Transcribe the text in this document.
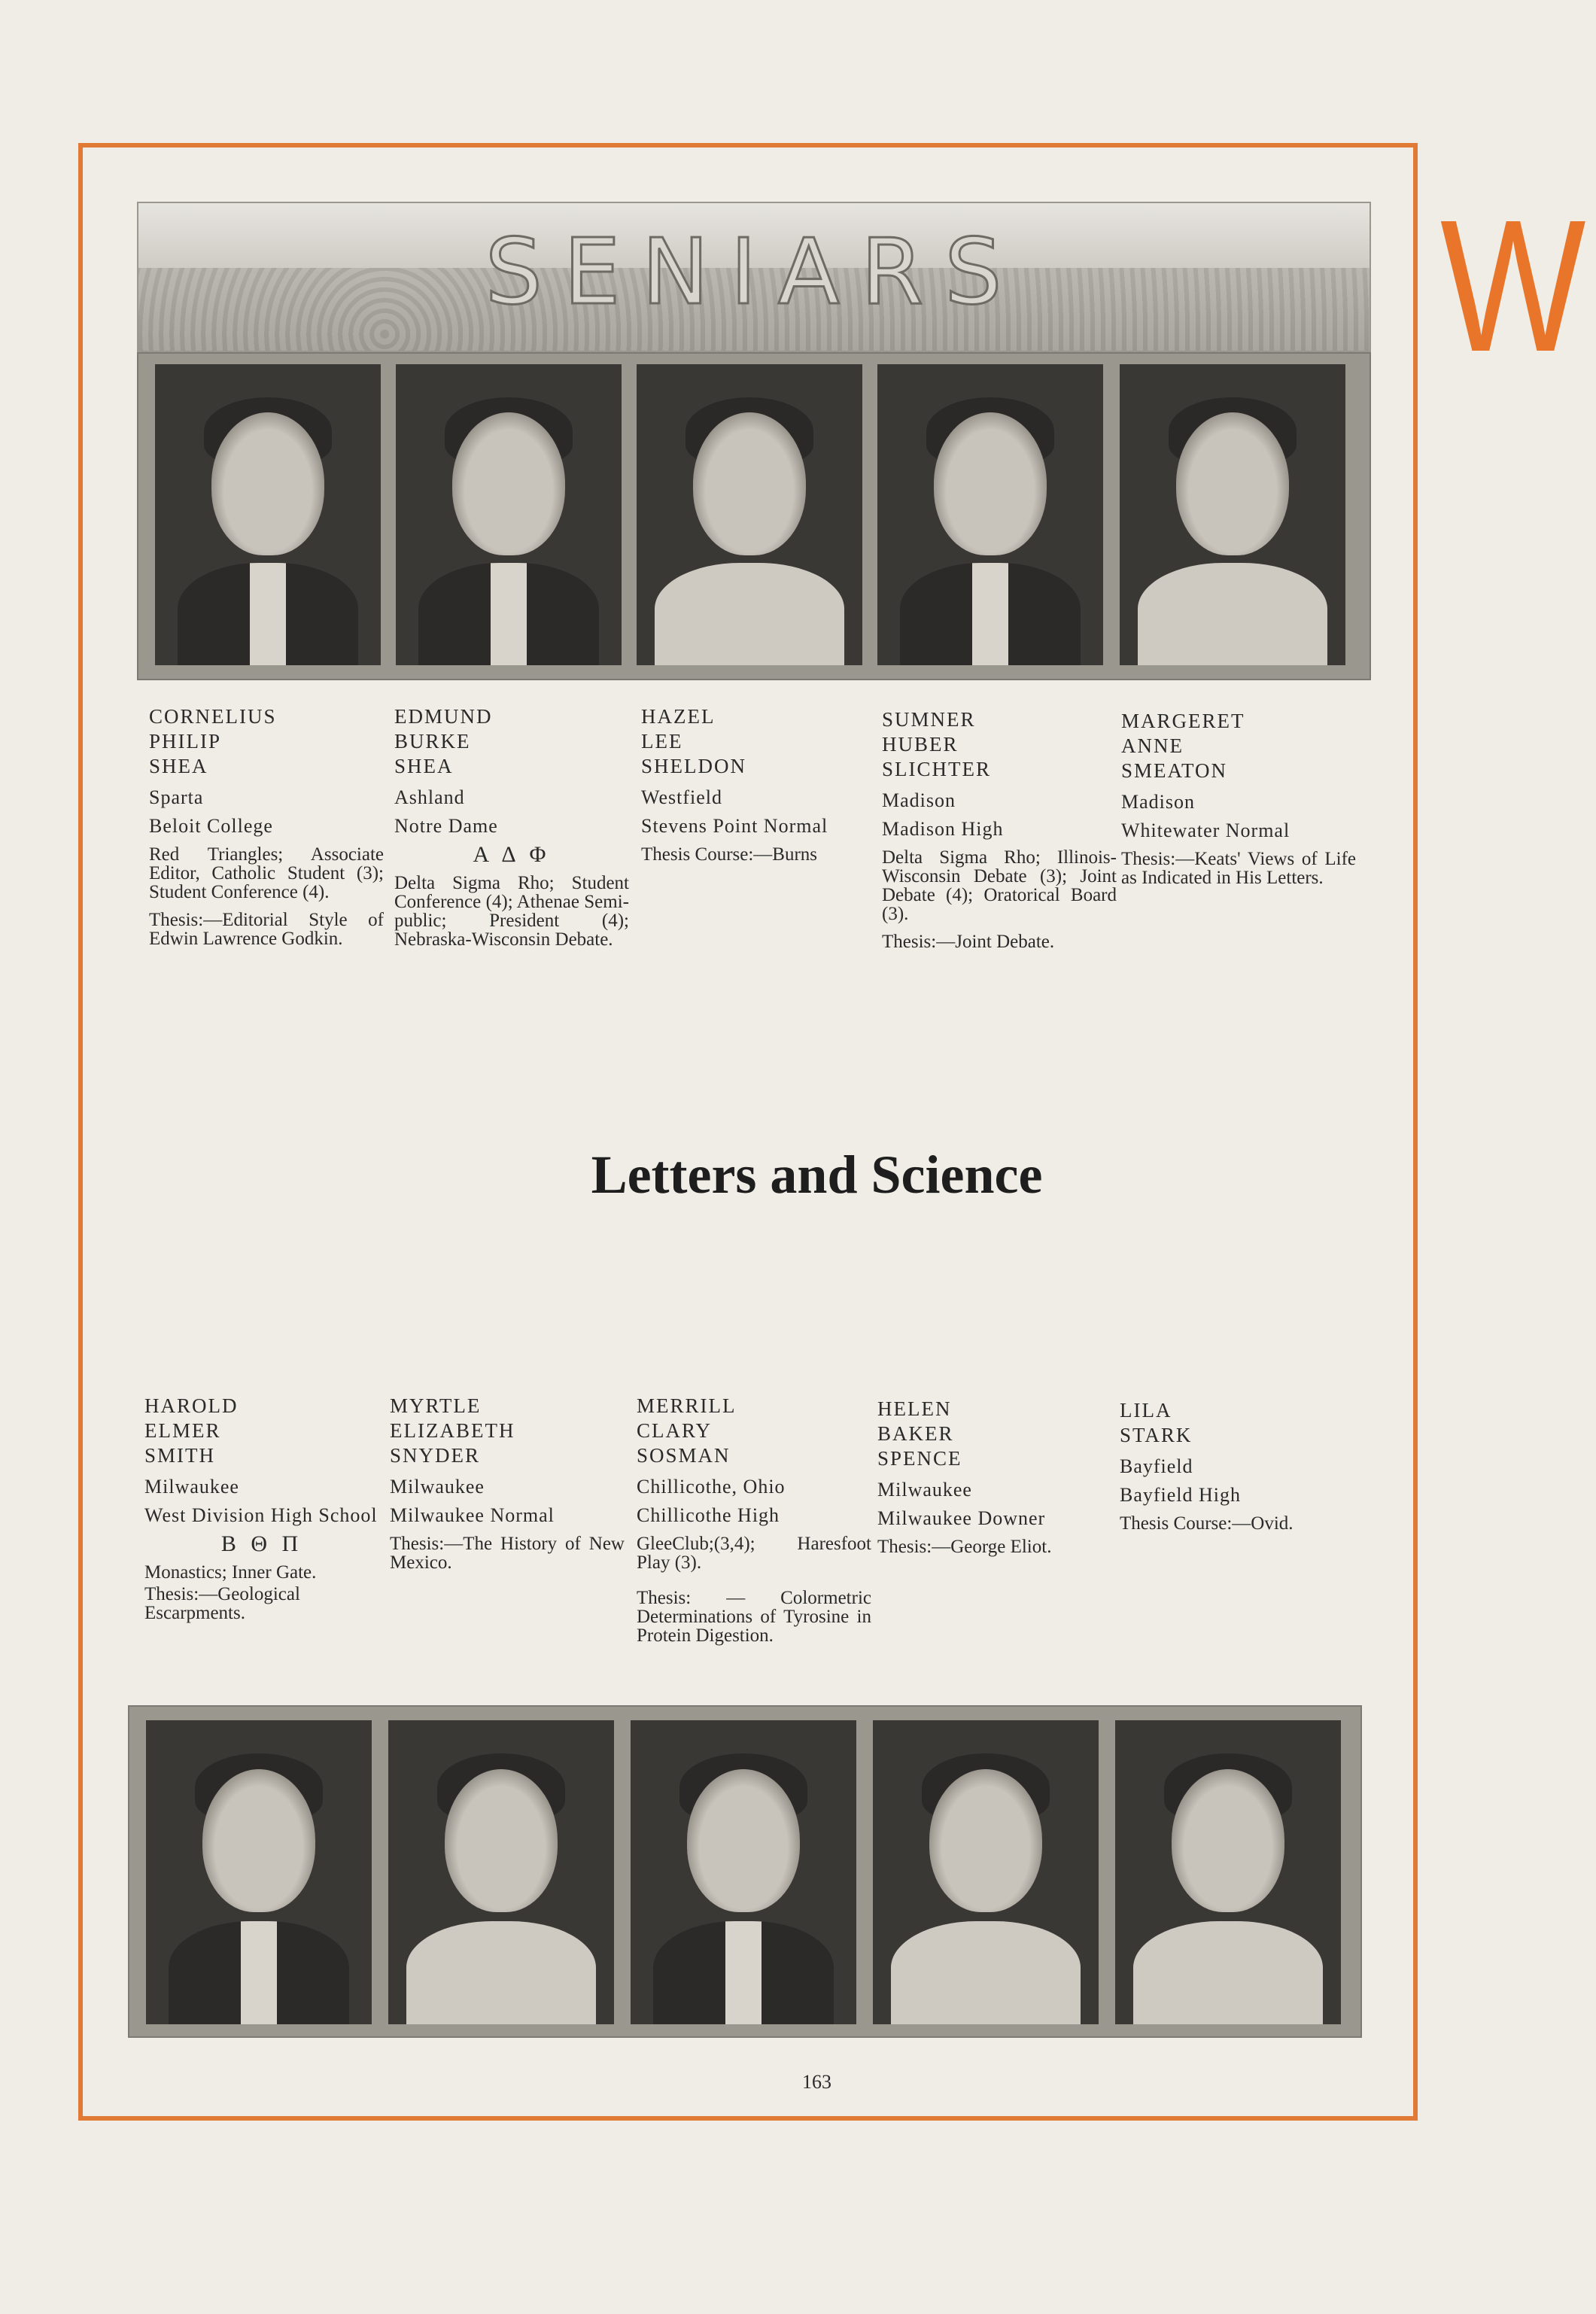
W
SENIARS

CORNELIUS

PHILIP

SHEA

Sparta
Beloit College
Red Triangles; Associate Editor, Catholic Student (3); Student Conference (4).
Thesis:—Editorial Style of Edwin Lawrence Godkin.

EDMUND

BURKE

SHEA

Ashland
Notre Dame
Α Δ Φ
Delta Sigma Rho; Student Conference (4); Athenae Semi-public; President (4); Nebraska-Wisconsin Debate.

HAZEL

LEE

SHELDON

Westfield
Stevens Point Normal
Thesis Course:—Burns

SUMNER

HUBER

SLICHTER

Madison
Madison High
Delta Sigma Rho; Illinois-Wisconsin Debate (3); Joint Debate (4); Oratorical Board (3).
Thesis:—Joint Debate.

MARGERET

ANNE

SMEATON

Madison
Whitewater Normal
Thesis:—Keats' Views of Life as Indicated in His Letters.
Letters and Science

HAROLD

ELMER

SMITH

Milwaukee
West Division High School
Β Θ Π
Monastics; Inner Gate.
Thesis:—Geological Escarpments.

MYRTLE

ELIZABETH

SNYDER

Milwaukee
Milwaukee Normal
Thesis:—The History of New Mexico.

MERRILL

CLARY

SOSMAN

Chillicothe, Ohio
Chillicothe High
GleeClub;(3,4); Haresfoot Play (3).
Thesis: — Colormetric Determinations of Tyrosine in Protein Digestion.

HELEN

BAKER

SPENCE

Milwaukee
Milwaukee Downer
Thesis:—George Eliot.

LILA

STARK

Bayfield
Bayfield High
Thesis Course:—Ovid.
163
